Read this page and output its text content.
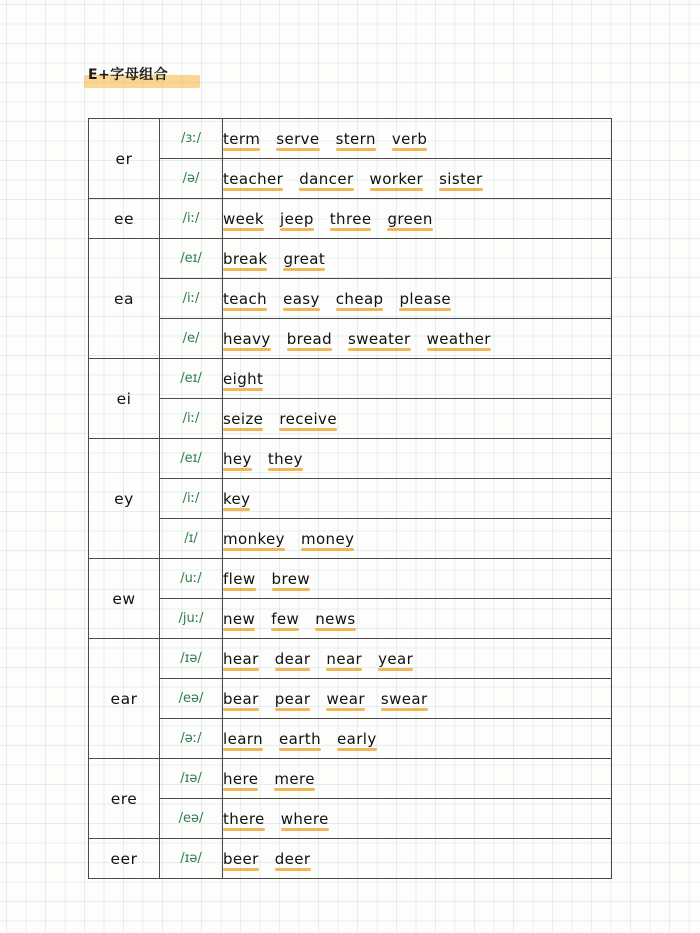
E+字母组合
er	/ɜː/	term serve stern verb

	/ə/	teacher dancer worker sister

ee	/iː/	week jeep three green

ea	/eɪ/	break great

	/iː/	teach easy cheap please

	/e/	heavy bread sweater weather

ei	/eɪ/	eight

	/iː/	seize receive

ey	/eɪ/	hey they

	/iː/	key

	/ɪ/	monkey money

ew	/uː/	flew brew

	/juː/	new few news

ear	/ɪə/	hear dear near year

	/eə/	bear pear wear swear

	/əː/	learn earth early

ere	/ɪə/	here mere

	/eə/	there where

eer	/ɪə/	beer deer
